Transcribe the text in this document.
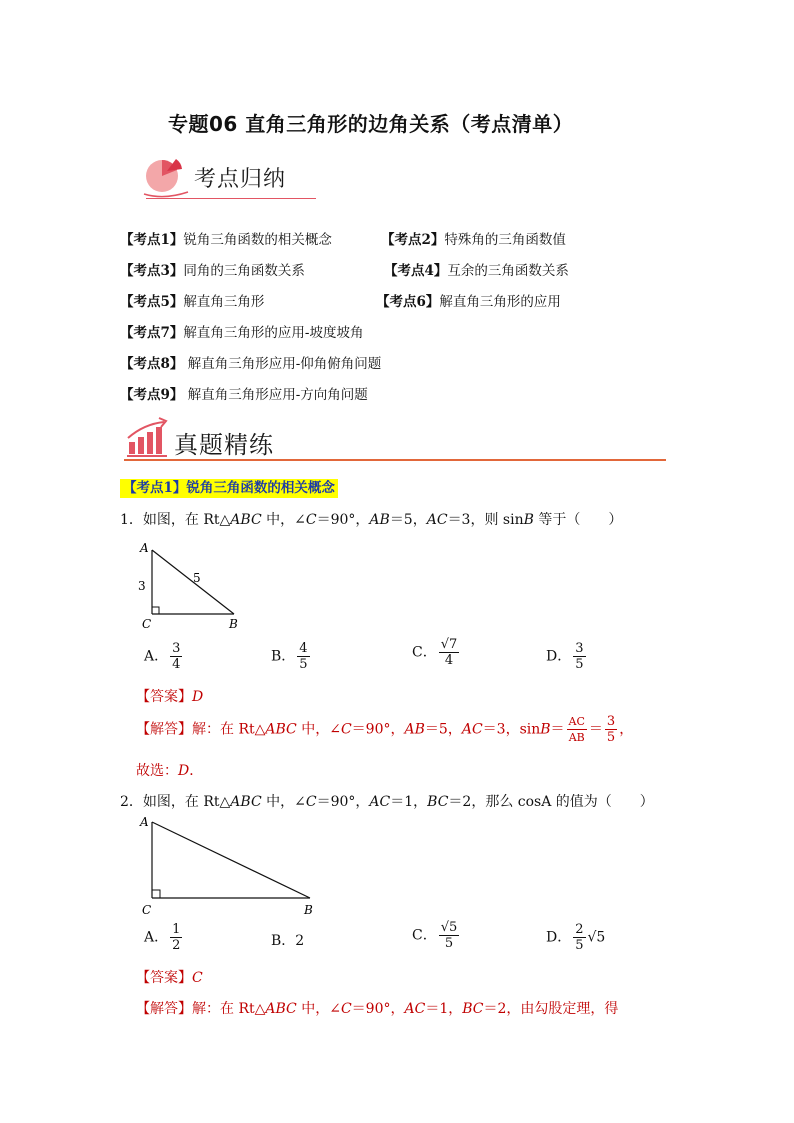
专题06 直角三角形的边角关系（考点清单）
考点归纳
【考点1】锐角三角函数的相关概念	【考点2】特殊角的三角函数值
【考点3】同角的三角函数关系	【考点4】互余的三角函数关系
【考点5】解直角三角形	【考点6】解直角三角形的应用
【考点7】解直角三角形的应用-坡度坡角
【考点8】 解直角三角形应用-仰角俯角问题
【考点9】 解直角三角形应用-方向角问题
真题精练
【考点1】锐角三角函数的相关概念
1．如图，在 Rt△ABC 中，∠C＝90°，AB＝5，AC＝3，则 sinB 等于（　　）
A
C	B
3
5
A． $\frac{3}{4}$	B． $\frac{4}{5}$	C． $\frac{√7}{4}$	D． $\frac{3}{5}$
【答案】D
【解答】解：在 Rt△ABC 中，∠C＝90°，AB＝5，AC＝3，$\sin B= \frac{AC}{AB} = \frac{3}{5}$ ，
故选：D．
2．如图，在 Rt△ABC 中，∠C＝90°，AC＝1，BC＝2，那么 cosA 的值为（　　）
A
C	B
A． $\frac{1}{2}$	B．2	C． $\frac{√5}{5}$	D． $\frac{2}{5} √5$
【答案】C
【解答】解：在 Rt△ABC 中，∠C＝90°，AC＝1，BC＝2，由勾股定理，得
